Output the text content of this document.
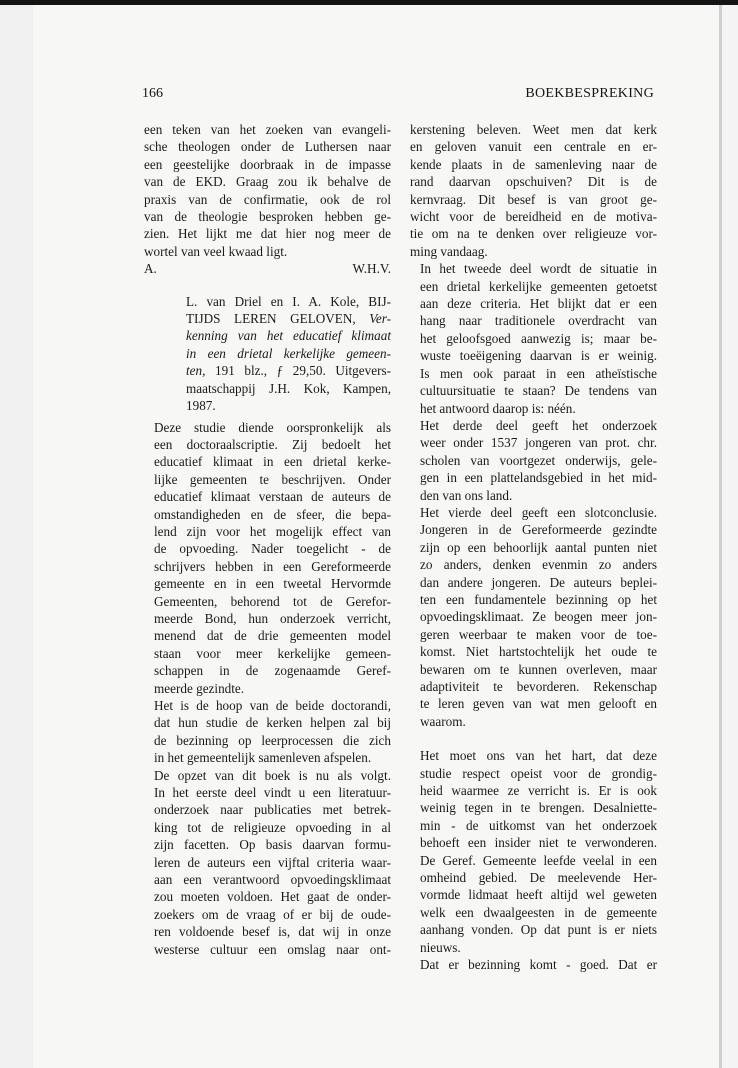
166	BOEKBESPREKING

een teken van het zoeken van evangeli-
sche theologen onder de Luthersen naar
een geestelijke doorbraak in de impasse
van de EKD. Graag zou ik behalve de
praxis van de confirmatie, ook de rol
van de theologie besproken hebben ge-
zien. Het lijkt me dat hier nog meer de
wortel van veel kwaad ligt.

A.	W.H.V.
L. van Driel en I. A. Kole, BIJ-
TIJDS LEREN GELOVEN, Ver-
kenning van het educatief klimaat
in een drietal kerkelijke gemeen-
ten, 191 blz., ƒ 29,50. Uitgevers-
maatschappij J.H. Kok, Kampen,
1987.

Deze studie diende oorspronkelijk als
een doctoraalscriptie. Zij bedoelt het
educatief klimaat in een drietal kerke-
lijke gemeenten te beschrijven. Onder
educatief klimaat verstaan de auteurs de
omstandigheden en de sfeer, die bepa-
lend zijn voor het mogelijk effect van
de opvoeding. Nader toegelicht - de
schrijvers hebben in een Gereformeerde
gemeente en in een tweetal Hervormde
Gemeenten, behorend tot de Gerefor-
meerde Bond, hun onderzoek verricht,
menend dat de drie gemeenten model
staan voor meer kerkelijke gemeen-
schappen in de zogenaamde Geref-
meerde gezindte.

Het is de hoop van de beide doctorandi,
dat hun studie de kerken helpen zal bij
de bezinning op leerprocessen die zich
in het gemeentelijk samenleven afspelen.

De opzet van dit boek is nu als volgt.
In het eerste deel vindt u een literatuur-
onderzoek naar publicaties met betrek-
king tot de religieuze opvoeding in al
zijn facetten. Op basis daarvan formu-
leren de auteurs een vijftal criteria waar-
aan een verantwoord opvoedingsklimaat
zou moeten voldoen. Het gaat de onder-
zoekers om de vraag of er bij de oude-
ren voldoende besef is, dat wij in onze
westerse cultuur een omslag naar ont-

kerstening beleven. Weet men dat kerk
en geloven vanuit een centrale en er-
kende plaats in de samenleving naar de
rand daarvan opschuiven? Dit is de
kernvraag. Dit besef is van groot ge-
wicht voor de bereidheid en de motiva-
tie om na te denken over religieuze vor-
ming vandaag.

In het tweede deel wordt de situatie in
een drietal kerkelijke gemeenten getoetst
aan deze criteria. Het blijkt dat er een
hang naar traditionele overdracht van
het geloofsgoed aanwezig is; maar be-
wuste toeëigening daarvan is er weinig.
Is men ook paraat in een atheïstische
cultuursituatie te staan? De tendens van
het antwoord daarop is: néén.

Het derde deel geeft het onderzoek
weer onder 1537 jongeren van prot. chr.
scholen van voortgezet onderwijs, gele-
gen in een plattelandsgebied in het mid-
den van ons land.

Het vierde deel geeft een slotconclusie.
Jongeren in de Gereformeerde gezindte
zijn op een behoorlijk aantal punten niet
zo anders, denken evenmin zo anders
dan andere jongeren. De auteurs beplei-
ten een fundamentele bezinning op het
opvoedingsklimaat. Ze beogen meer jon-
geren weerbaar te maken voor de toe-
komst. Niet hartstochtelijk het oude te
bewaren om te kunnen overleven, maar
adaptiviteit te bevorderen. Rekenschap
te leren geven van wat men gelooft en
waarom.

Het moet ons van het hart, dat deze
studie respect opeist voor de grondig-
heid waarmee ze verricht is. Er is ook
weinig tegen in te brengen. Desalniette-
min - de uitkomst van het onderzoek
behoeft een insider niet te verwonderen.
De Geref. Gemeente leefde veelal in een
omheind gebied. De meelevende Her-
vormde lidmaat heeft altijd wel geweten
welk een dwaalgeesten in de gemeente
aanhang vonden. Op dat punt is er niets
nieuws.

Dat er bezinning komt - goed. Dat er
